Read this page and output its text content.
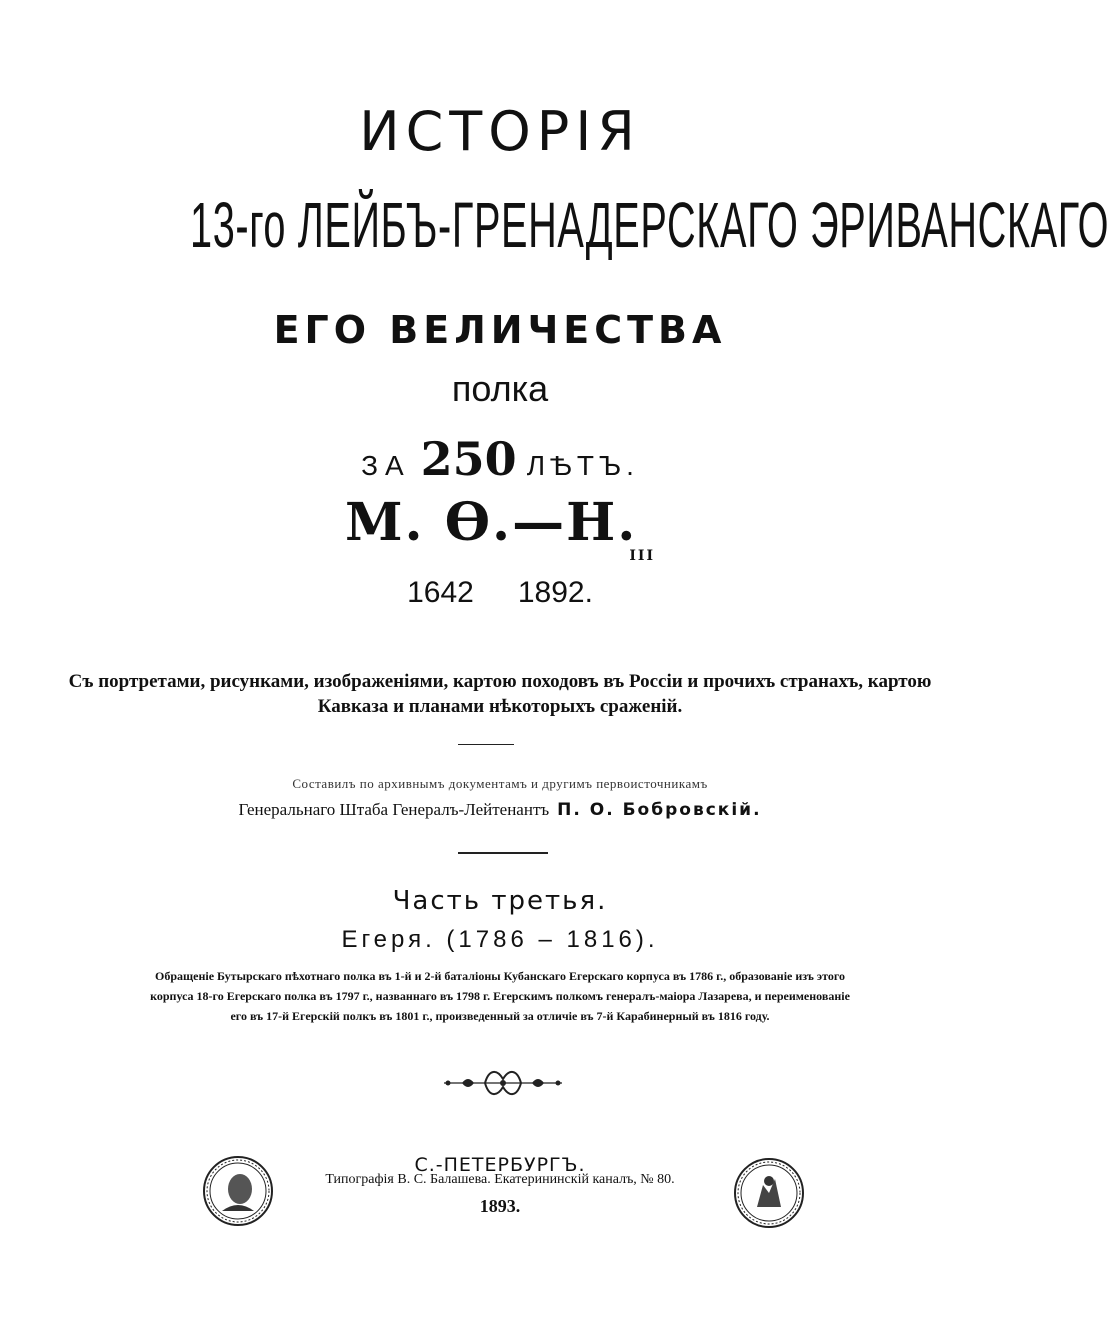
ИСТОРІЯ
13-го ЛЕЙБЪ-ГРЕНАДЕРСКАГО ЭРИВАНСКАГО
ЕГО ВЕЛИЧЕСТВА
полка
ЗА 250 ЛѢТЪ.
М. $Ѳ.—Н._{III}$
1642 1892.
Съ портретами, рисунками, изображеніями, картою походовъ въ Россіи и прочихъ странахъ, картою
Кавказа и планами нѣкоторыхъ сраженій.
Составилъ по архивнымъ документамъ и другимъ первоисточникамъ
Генеральнаго Штаба Генералъ-Лейтенантъ П. О. Бобровскій.
Часть третья.
Егеря. (1786 – 1816).
Обращеніе Бутырскаго пѣхотнаго полка въ 1-й и 2-й баталіоны Кубанскаго Егерскаго корпуса въ 1786 г., образованіе изъ этого
корпуса 18-го Егерскаго полка въ 1797 г., названнаго въ 1798 г. Егерскимъ полкомъ генералъ-маіора Лазарева, и переименованіе
его въ 17-й Егерскій полкъ въ 1801 г., произведенный за отличіе въ 7-й Карабинерный въ 1816 году.
С.-ПЕТЕРБУРГЪ.
Типографія В. С. Балашева. Екатерининскій каналъ, № 80.
1893.
